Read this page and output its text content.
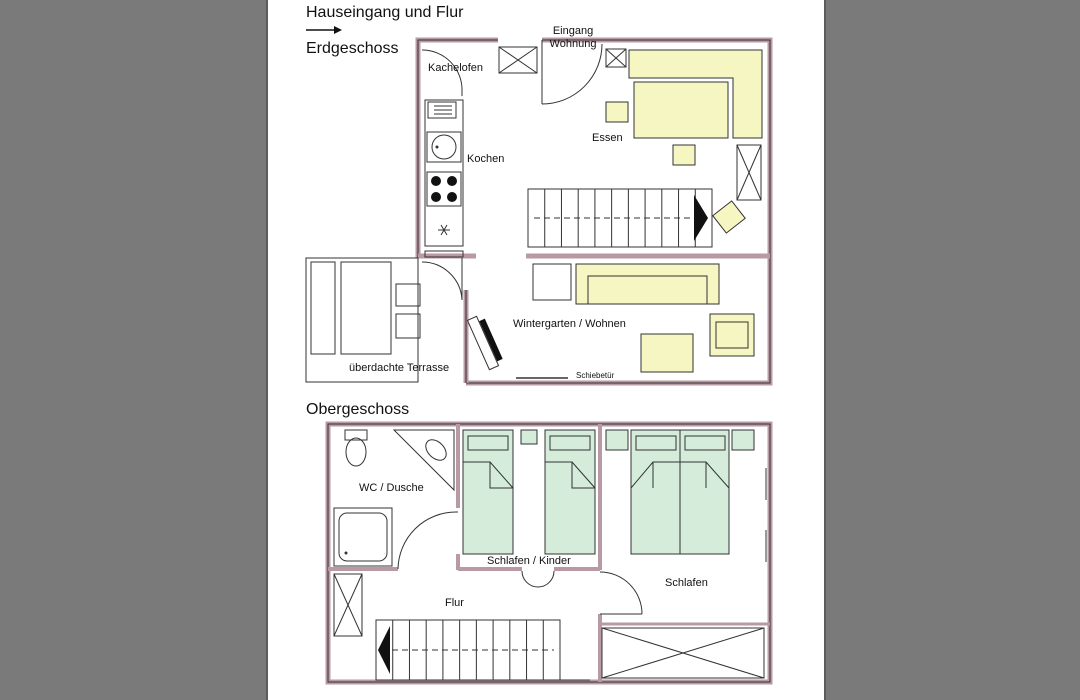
Hauseingang und Flur
Erdgeschoss
Obergeschoss
Eingang
Wohnung
Kachelofen
Kochen
Essen
Wintergarten / Wohnen
überdachte Terrasse
Schiebetür
WC / Dusche
Schlafen / Kinder
Schlafen
Flur
